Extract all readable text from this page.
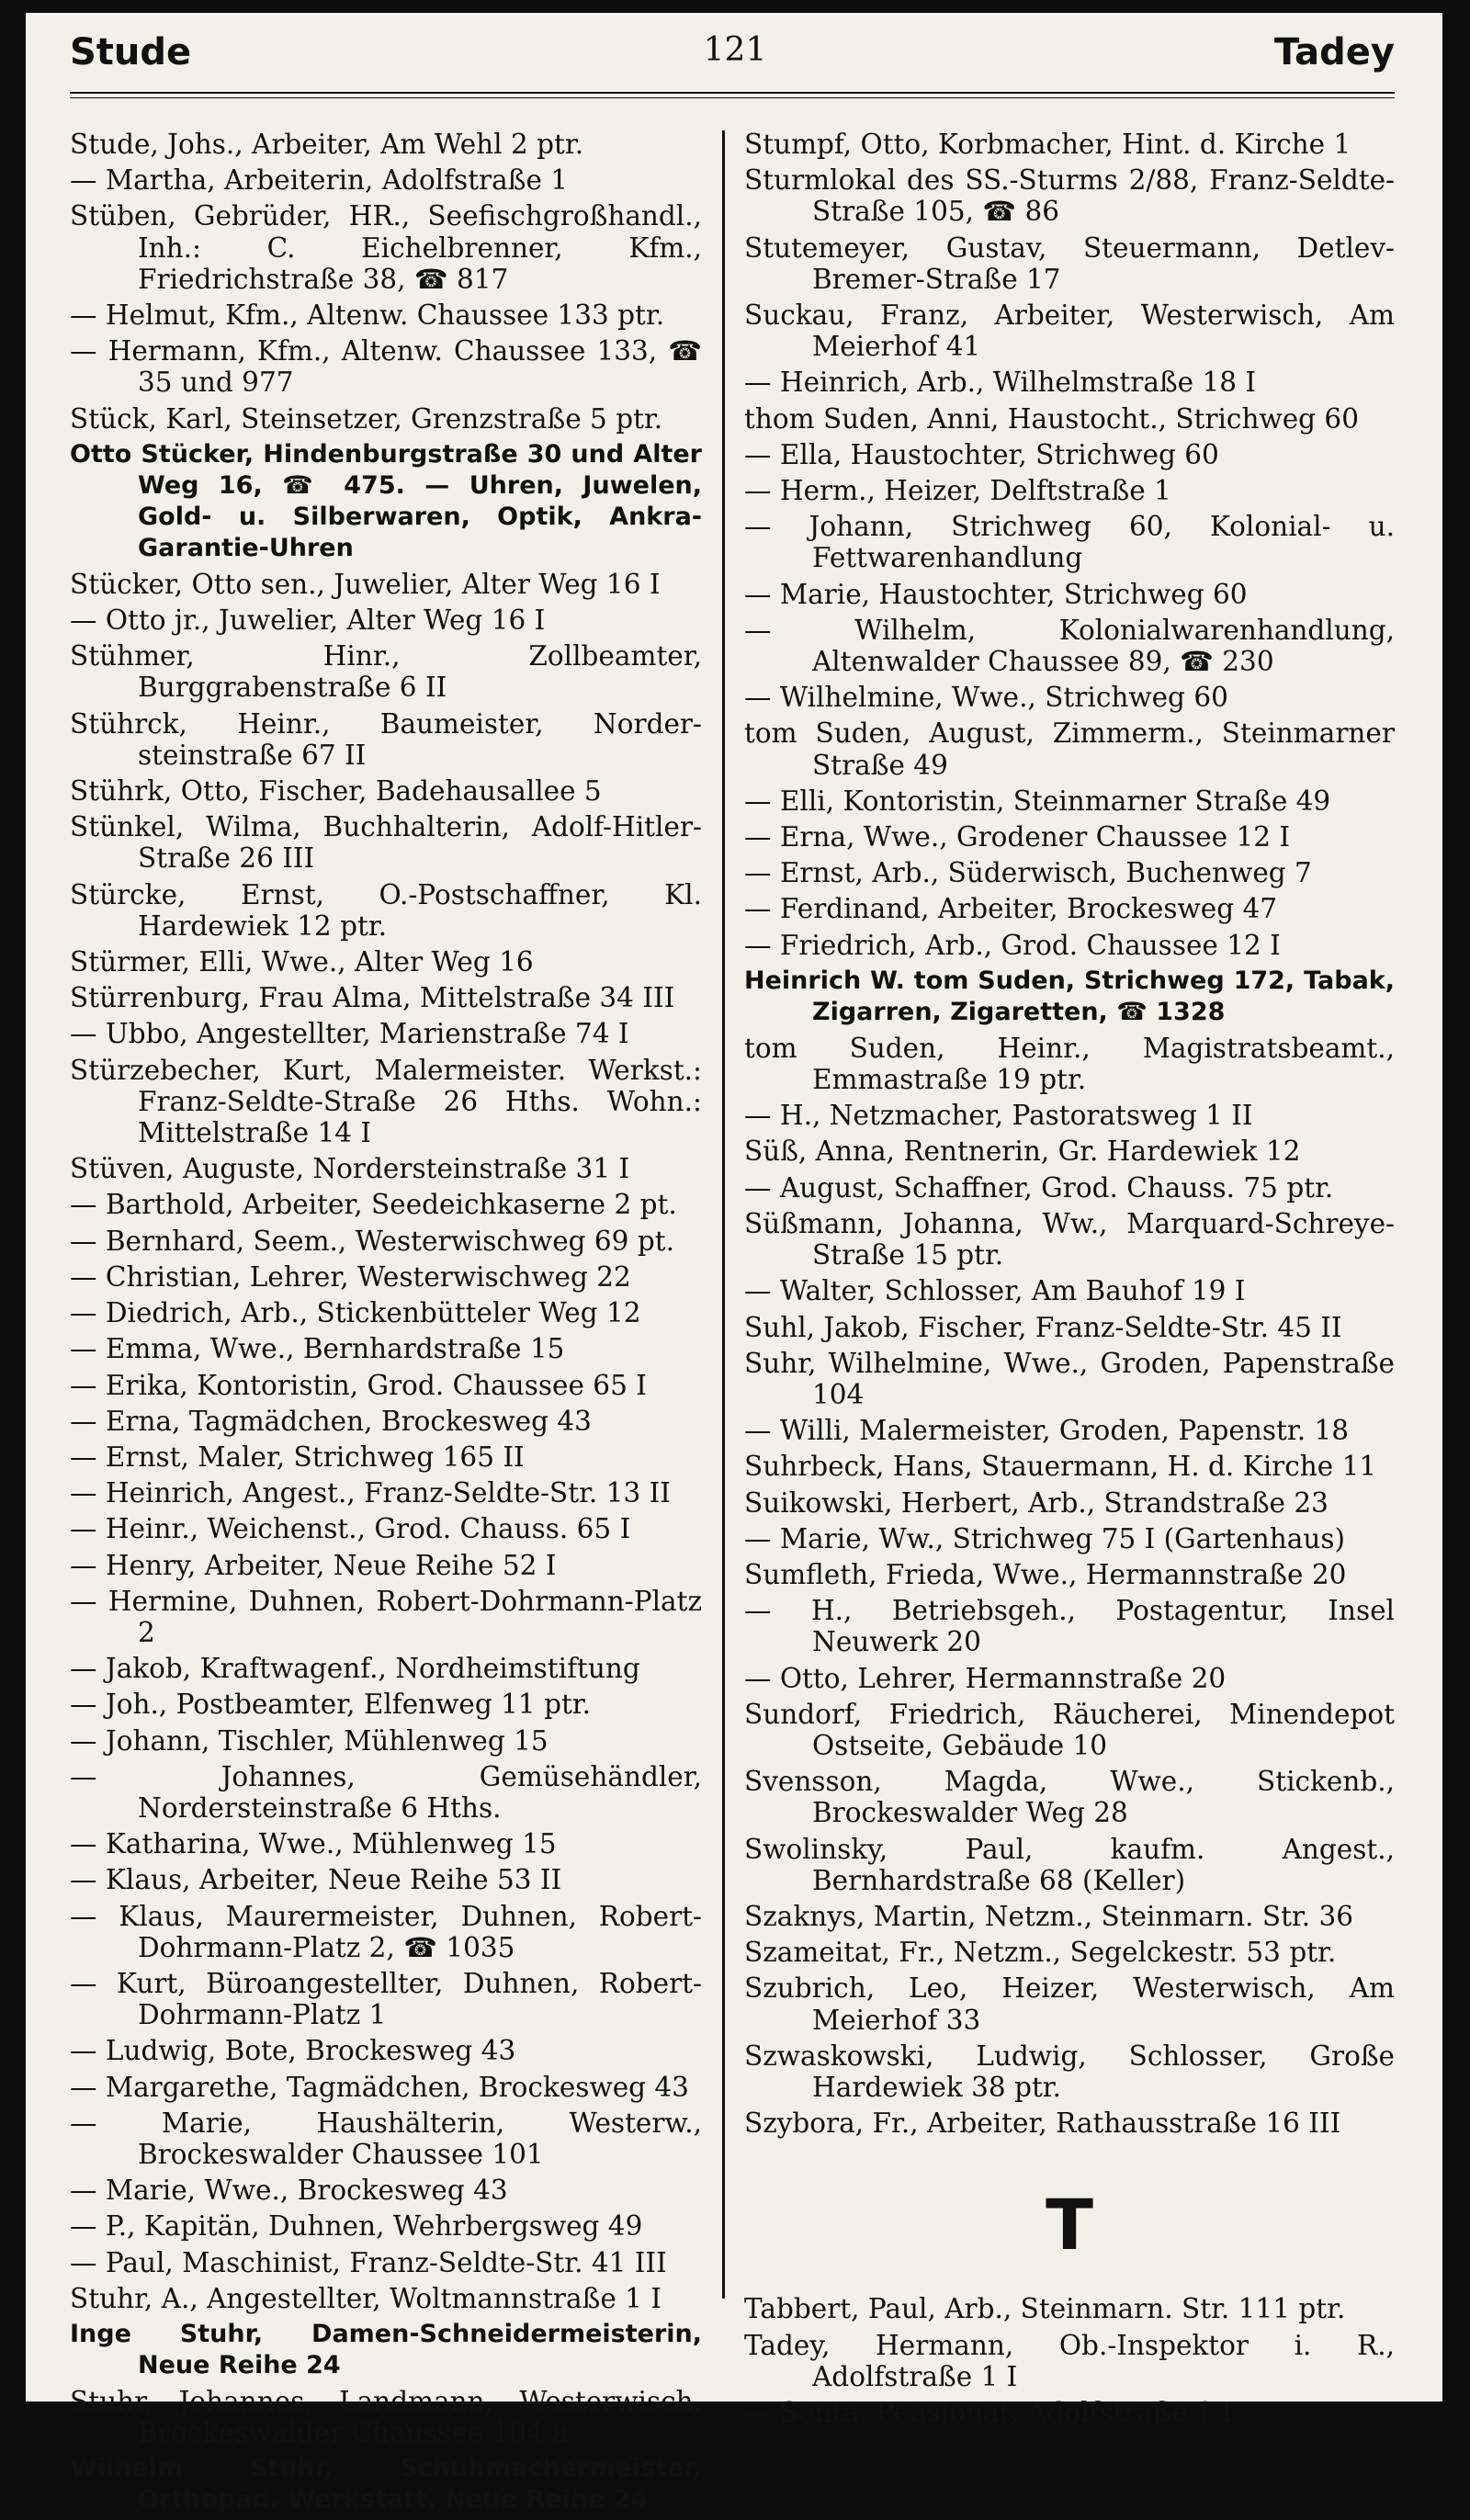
Stude	121	Tadey
Stude, Johs., Arbeiter, Am Wehl 2 ptr.
— Martha, Arbeiterin, Adolfstraße 1
Stüben, Gebrüder, HR., Seefischgroßhandl., Inh.: C. Eichelbrenner, Kfm., Friedrichstraße 38, ☎ 817
— Helmut, Kfm., Altenw. Chaussee 133 ptr.
— Hermann, Kfm., Altenw. Chaussee 133, ☎ 35 und 977
Stück, Karl, Steinsetzer, Grenzstraße 5 ptr.
Otto Stücker, Hindenburgstraße 30 und Alter Weg 16, ☎ 475. — Uhren, Juwelen, Gold- u. Silberwaren, Optik, Ankra-Garantie-Uhren
Stücker, Otto sen., Juwelier, Alter Weg 16 I
— Otto jr., Juwelier, Alter Weg 16 I
Stühmer, Hinr., Zollbeamter, Burggrabenstraße 6 II
Stührck, Heinr., Baumeister, Nordersteinstraße 67 II
Stührk, Otto, Fischer, Badehausallee 5
Stünkel, Wilma, Buchhalterin, Adolf-Hitler-Straße 26 III
Stürcke, Ernst, O.-Postschaffner, Kl. Hardewiek 12 ptr.
Stürmer, Elli, Wwe., Alter Weg 16
Stürrenburg, Frau Alma, Mittelstraße 34 III
— Ubbo, Angestellter, Marienstraße 74 I
Stürzebecher, Kurt, Malermeister. Werkst.: Franz-Seldte-Straße 26 Hths. Wohn.: Mittelstraße 14 I
Stüven, Auguste, Nordersteinstraße 31 I
— Barthold, Arbeiter, Seedeichkaserne 2 pt.
— Bernhard, Seem., Westerwischweg 69 pt.
— Christian, Lehrer, Westerwischweg 22
— Diedrich, Arb., Stickenbütteler Weg 12
— Emma, Wwe., Bernhardstraße 15
— Erika, Kontoristin, Grod. Chaussee 65 I
— Erna, Tagmädchen, Brockesweg 43
— Ernst, Maler, Strichweg 165 II
— Heinrich, Angest., Franz-Seldte-Str. 13 II
— Heinr., Weichenst., Grod. Chauss. 65 I
— Henry, Arbeiter, Neue Reihe 52 I
— Hermine, Duhnen, Robert-Dohrmann-Platz 2
— Jakob, Kraftwagenf., Nordheimstiftung
— Joh., Postbeamter, Elfenweg 11 ptr.
— Johann, Tischler, Mühlenweg 15
— Johannes, Gemüsehändler, Nordersteinstraße 6 Hths.
— Katharina, Wwe., Mühlenweg 15
— Klaus, Arbeiter, Neue Reihe 53 II
— Klaus, Maurermeister, Duhnen, Robert-Dohrmann-Platz 2, ☎ 1035
— Kurt, Büroangestellter, Duhnen, Robert-Dohrmann-Platz 1
— Ludwig, Bote, Brockesweg 43
— Margarethe, Tagmädchen, Brockesweg 43
— Marie, Haushälterin, Westerw., Brockeswalder Chaussee 101
— Marie, Wwe., Brockesweg 43
— P., Kapitän, Duhnen, Wehrbergsweg 49
— Paul, Maschinist, Franz-Seldte-Str. 41 III
Stuhr, A., Angestellter, Woltmannstraße 1 I
Inge Stuhr, Damen-Schneidermeisterin, Neue Reihe 24
Stuhr, Johannes, Landmann, Westerwisch, Brockeswalder Chaussee 104 a
Wilhelm Stuhr, Schuhmachermeister, Orthopäd. Werkstatt, Neue Reihe 24
Stumpf, Otto, Korbmacher, Hint. d. Kirche 1
Sturmlokal des SS.-Sturms 2/88, Franz-Seldte-Straße 105, ☎ 86
Stutemeyer, Gustav, Steuermann, Detlev-Bremer-Straße 17
Suckau, Franz, Arbeiter, Westerwisch, Am Meierhof 41
— Heinrich, Arb., Wilhelmstraße 18 I
thom Suden, Anni, Haustocht., Strichweg 60
— Ella, Haustochter, Strichweg 60
— Herm., Heizer, Delftstraße 1
— Johann, Strichweg 60, Kolonial- u. Fettwarenhandlung
— Marie, Haustochter, Strichweg 60
— Wilhelm, Kolonialwarenhandlung, Altenwalder Chaussee 89, ☎ 230
— Wilhelmine, Wwe., Strichweg 60
tom Suden, August, Zimmerm., Steinmarner Straße 49
— Elli, Kontoristin, Steinmarner Straße 49
— Erna, Wwe., Grodener Chaussee 12 I
— Ernst, Arb., Süderwisch, Buchenweg 7
— Ferdinand, Arbeiter, Brockesweg 47
— Friedrich, Arb., Grod. Chaussee 12 I
Heinrich W. tom Suden, Strichweg 172, Tabak, Zigarren, Zigaretten, ☎ 1328
tom Suden, Heinr., Magistratsbeamt., Emmastraße 19 ptr.
— H., Netzmacher, Pastoratsweg 1 II
Süß, Anna, Rentnerin, Gr. Hardewiek 12
— August, Schaffner, Grod. Chauss. 75 ptr.
Süßmann, Johanna, Ww., Marquard-Schreye-Straße 15 ptr.
— Walter, Schlosser, Am Bauhof 19 I
Suhl, Jakob, Fischer, Franz-Seldte-Str. 45 II
Suhr, Wilhelmine, Wwe., Groden, Papenstraße 104
— Willi, Malermeister, Groden, Papenstr. 18
Suhrbeck, Hans, Stauermann, H. d. Kirche 11
Suikowski, Herbert, Arb., Strandstraße 23
— Marie, Ww., Strichweg 75 I (Gartenhaus)
Sumfleth, Frieda, Wwe., Hermannstraße 20
— H., Betriebsgeh., Postagentur, Insel Neuwerk 20
— Otto, Lehrer, Hermannstraße 20
Sundorf, Friedrich, Räucherei, Minendepot Ostseite, Gebäude 10
Svensson, Magda, Wwe., Stickenb., Brockeswalder Weg 28
Swolinsky, Paul, kaufm. Angest., Bernhardstraße 68 (Keller)
Szaknys, Martin, Netzm., Steinmarn. Str. 36
Szameitat, Fr., Netzm., Segelckestr. 53 ptr.
Szubrich, Leo, Heizer, Westerwisch, Am Meierhof 33
Szwaskowski, Ludwig, Schlosser, Große Hardewiek 38 ptr.
Szybora, Fr., Arbeiter, Rathausstraße 16 III
T
Tabbert, Paul, Arb., Steinmarn. Str. 111 ptr.
Tadey, Hermann, Ob.-Inspektor i. R., Adolfstraße 1 I
— Senta, Pensionat, Adolfstraße 1 I
